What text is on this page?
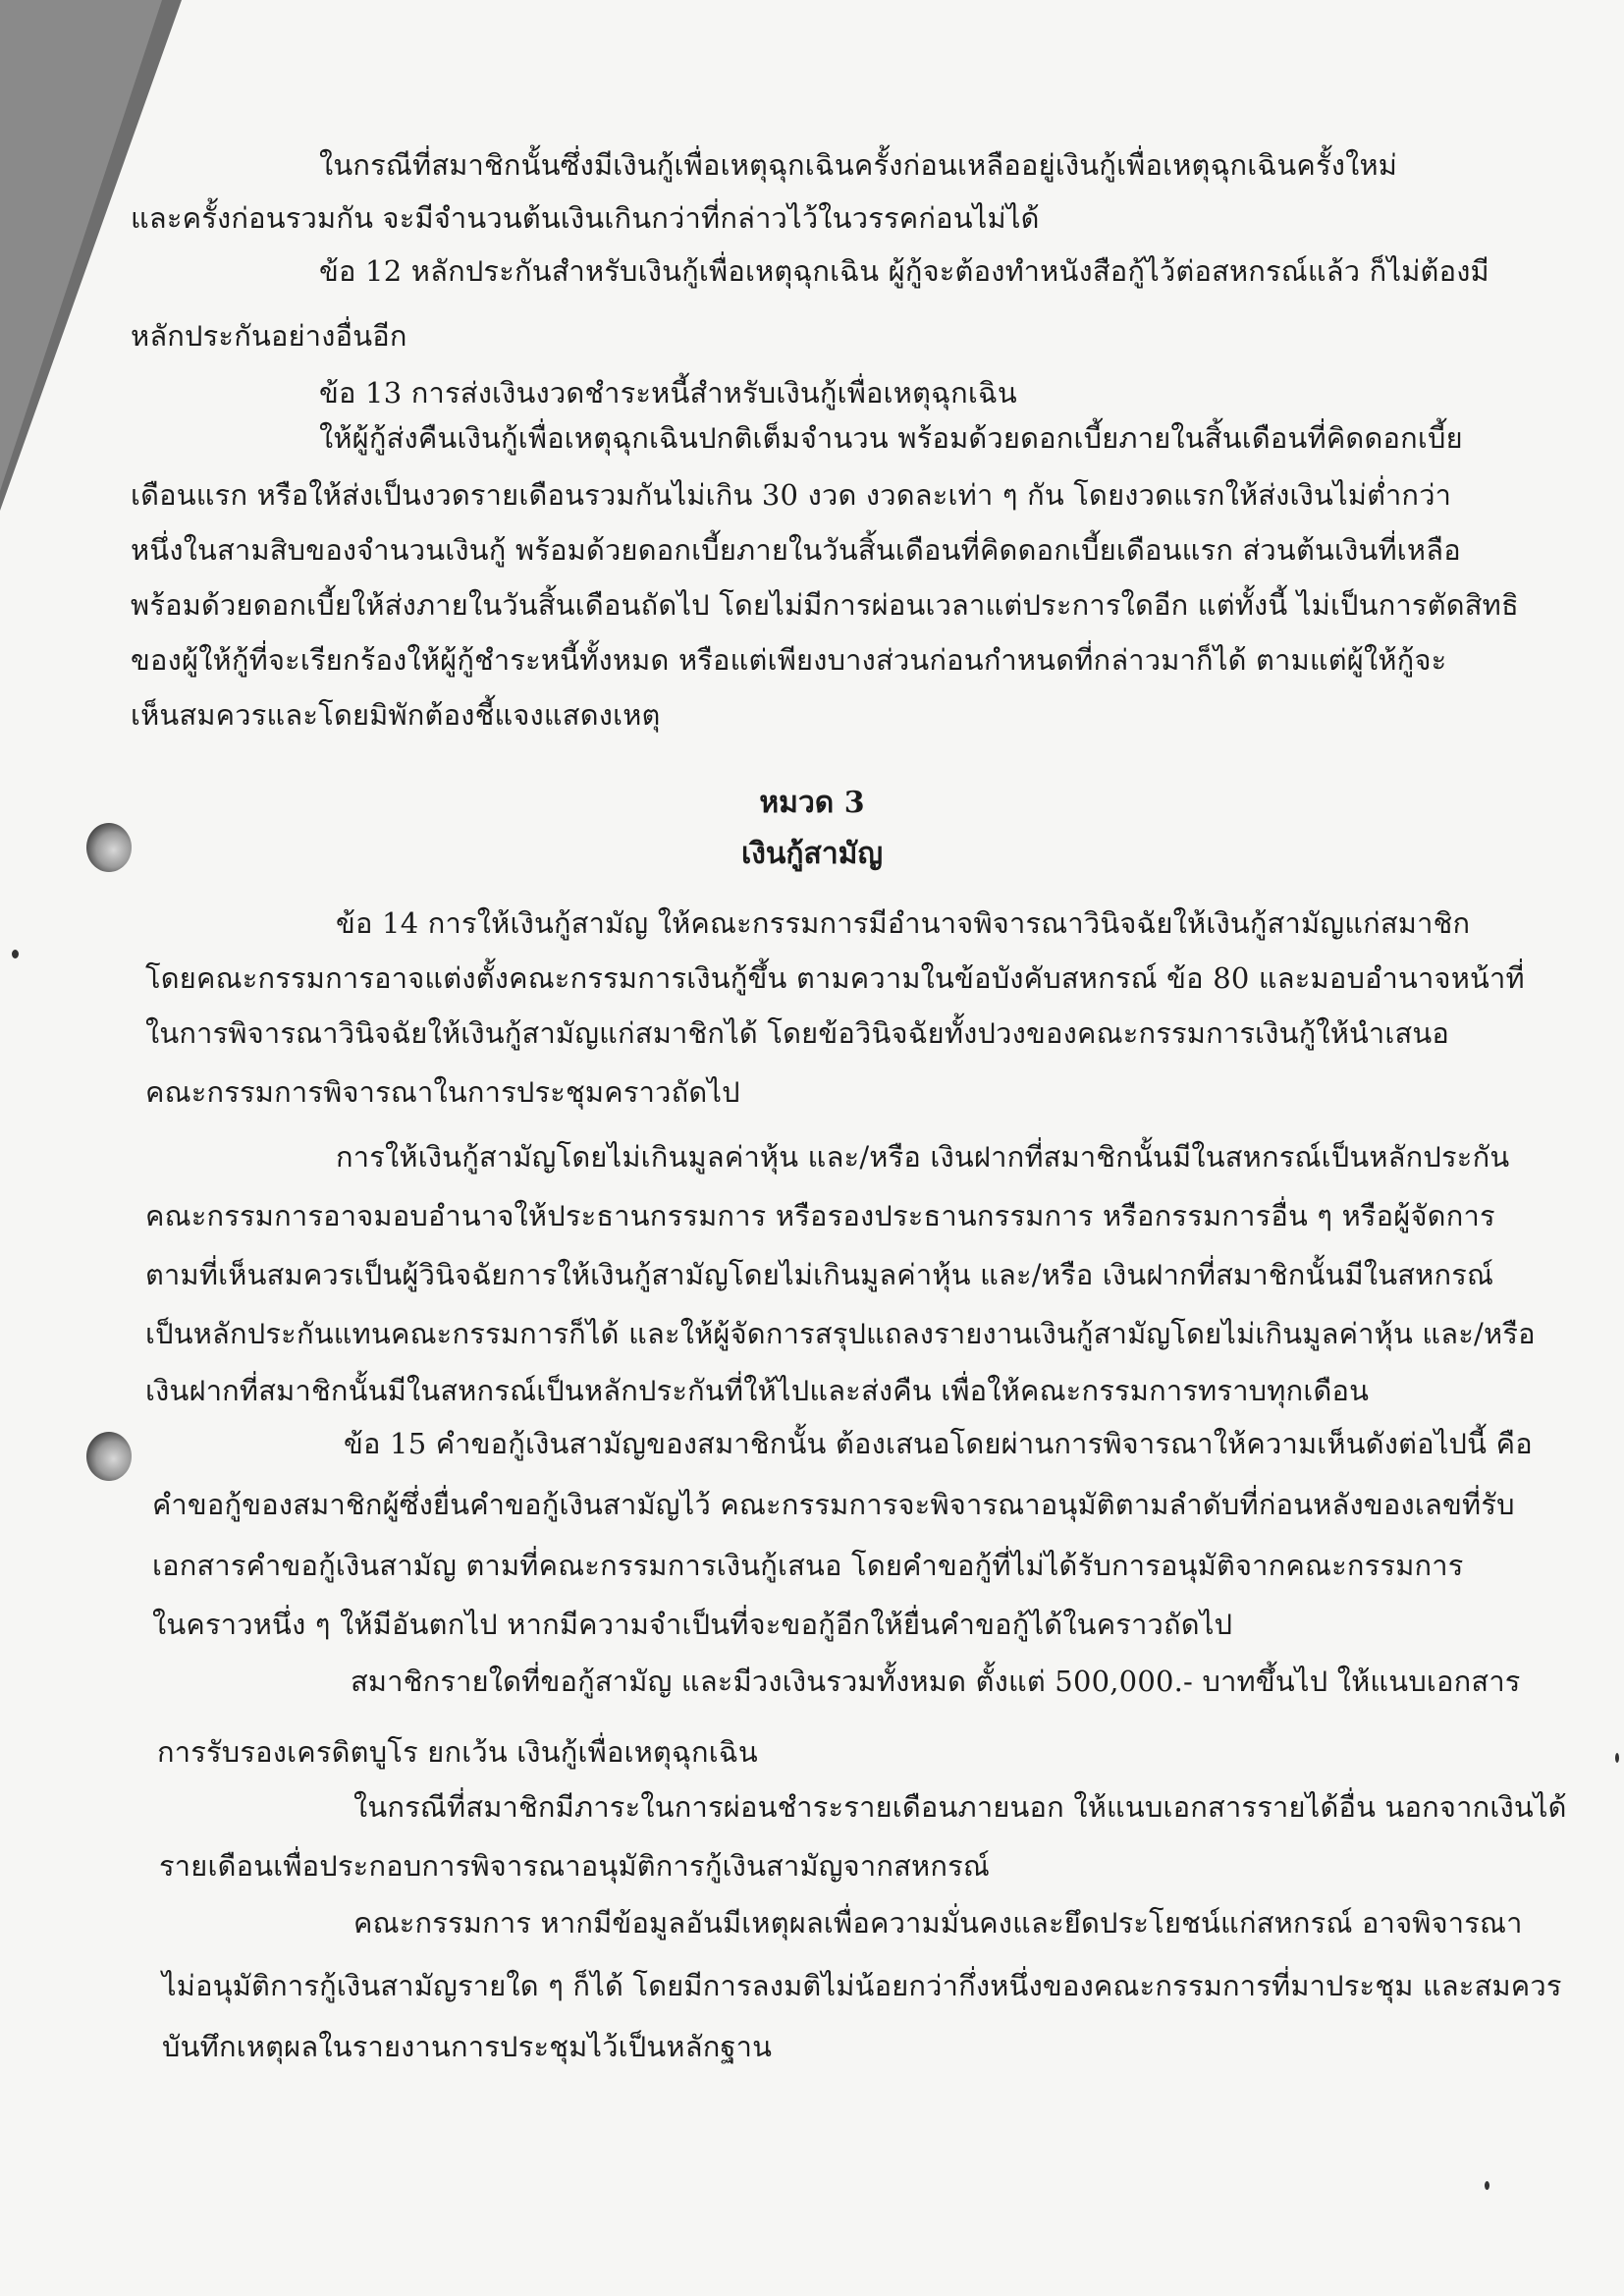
ในกรณีที่สมาชิกนั้นซึ่งมีเงินกู้เพื่อเหตุฉุกเฉินครั้งก่อนเหลืออยู่เงินกู้เพื่อเหตุฉุกเฉินครั้งใหม่

และครั้งก่อนรวมกัน จะมีจำนวนต้นเงินเกินกว่าที่กล่าวไว้ในวรรคก่อนไม่ได้

ข้อ 12 หลักประกันสำหรับเงินกู้เพื่อเหตุฉุกเฉิน ผู้กู้จะต้องทำหนังสือกู้ไว้ต่อสหกรณ์แล้ว ก็ไม่ต้องมี

หลักประกันอย่างอื่นอีก

ข้อ 13 การส่งเงินงวดชำระหนี้สำหรับเงินกู้เพื่อเหตุฉุกเฉิน

ให้ผู้กู้ส่งคืนเงินกู้เพื่อเหตุฉุกเฉินปกติเต็มจำนวน พร้อมด้วยดอกเบี้ยภายในสิ้นเดือนที่คิดดอกเบี้ย

เดือนแรก หรือให้ส่งเป็นงวดรายเดือนรวมกันไม่เกิน 30 งวด งวดละเท่า ๆ กัน โดยงวดแรกให้ส่งเงินไม่ต่ำกว่า

หนึ่งในสามสิบของจำนวนเงินกู้ พร้อมด้วยดอกเบี้ยภายในวันสิ้นเดือนที่คิดดอกเบี้ยเดือนแรก ส่วนต้นเงินที่เหลือ

พร้อมด้วยดอกเบี้ยให้ส่งภายในวันสิ้นเดือนถัดไป โดยไม่มีการผ่อนเวลาแต่ประการใดอีก แต่ทั้งนี้ ไม่เป็นการตัดสิทธิ

ของผู้ให้กู้ที่จะเรียกร้องให้ผู้กู้ชำระหนี้ทั้งหมด หรือแต่เพียงบางส่วนก่อนกำหนดที่กล่าวมาก็ได้ ตามแต่ผู้ให้กู้จะ

เห็นสมควรและโดยมิพักต้องชี้แจงแสดงเหตุ

หมวด 3
เงินกู้สามัญ

ข้อ 14 การให้เงินกู้สามัญ ให้คณะกรรมการมีอำนาจพิจารณาวินิจฉัยให้เงินกู้สามัญแก่สมาชิก

โดยคณะกรรมการอาจแต่งตั้งคณะกรรมการเงินกู้ขึ้น ตามความในข้อบังคับสหกรณ์ ข้อ 80 และมอบอำนาจหน้าที่

ในการพิจารณาวินิจฉัยให้เงินกู้สามัญแก่สมาชิกได้ โดยข้อวินิจฉัยทั้งปวงของคณะกรรมการเงินกู้ให้นำเสนอ

คณะกรรมการพิจารณาในการประชุมคราวถัดไป

การให้เงินกู้สามัญโดยไม่เกินมูลค่าหุ้น และ/หรือ เงินฝากที่สมาชิกนั้นมีในสหกรณ์เป็นหลักประกัน

คณะกรรมการอาจมอบอำนาจให้ประธานกรรมการ หรือรองประธานกรรมการ หรือกรรมการอื่น ๆ หรือผู้จัดการ

ตามที่เห็นสมควรเป็นผู้วินิจฉัยการให้เงินกู้สามัญโดยไม่เกินมูลค่าหุ้น และ/หรือ เงินฝากที่สมาชิกนั้นมีในสหกรณ์

เป็นหลักประกันแทนคณะกรรมการก็ได้ และให้ผู้จัดการสรุปแถลงรายงานเงินกู้สามัญโดยไม่เกินมูลค่าหุ้น และ/หรือ

เงินฝากที่สมาชิกนั้นมีในสหกรณ์เป็นหลักประกันที่ให้ไปและส่งคืน เพื่อให้คณะกรรมการทราบทุกเดือน

ข้อ 15 คำขอกู้เงินสามัญของสมาชิกนั้น ต้องเสนอโดยผ่านการพิจารณาให้ความเห็นดังต่อไปนี้ คือ

คำขอกู้ของสมาชิกผู้ซึ่งยื่นคำขอกู้เงินสามัญไว้ คณะกรรมการจะพิจารณาอนุมัติตามลำดับที่ก่อนหลังของเลขที่รับ

เอกสารคำขอกู้เงินสามัญ ตามที่คณะกรรมการเงินกู้เสนอ โดยคำขอกู้ที่ไม่ได้รับการอนุมัติจากคณะกรรมการ

ในคราวหนึ่ง ๆ ให้มีอันตกไป หากมีความจำเป็นที่จะขอกู้อีกให้ยื่นคำขอกู้ได้ในคราวถัดไป

สมาชิกรายใดที่ขอกู้สามัญ และมีวงเงินรวมทั้งหมด ตั้งแต่ 500,000.- บาทขึ้นไป ให้แนบเอกสาร

การรับรองเครดิตบูโร ยกเว้น เงินกู้เพื่อเหตุฉุกเฉิน

ในกรณีที่สมาชิกมีภาระในการผ่อนชำระรายเดือนภายนอก ให้แนบเอกสารรายได้อื่น นอกจากเงินได้

รายเดือนเพื่อประกอบการพิจารณาอนุมัติการกู้เงินสามัญจากสหกรณ์

คณะกรรมการ หากมีข้อมูลอันมีเหตุผลเพื่อความมั่นคงและยึดประโยชน์แก่สหกรณ์ อาจพิจารณา

ไม่อนุมัติการกู้เงินสามัญรายใด ๆ ก็ได้ โดยมีการลงมติไม่น้อยกว่ากึ่งหนึ่งของคณะกรรมการที่มาประชุม และสมควร

บันทึกเหตุผลในรายงานการประชุมไว้เป็นหลักฐาน
